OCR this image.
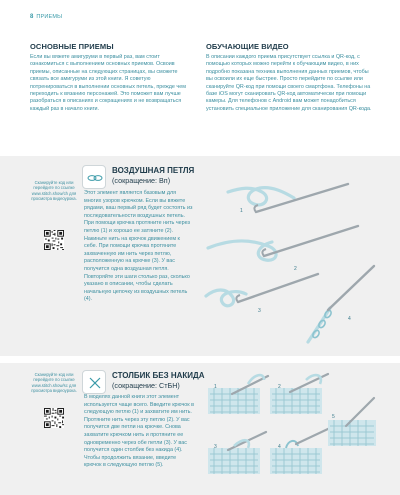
8 ПРИЕМЫ
ОСНОВНЫЕ ПРИЕМЫ

Если вы вяжете амигуруми в первый раз, вам стоит ознакомиться с выполнением основных приемов. Освоив приемы, описанные на следующих страницах, вы сможете связать все амигуруми из этой книги. Я советую потренироваться в выполнении основных петель, прежде чем переходить к вязанию персонажей. Это поможет вам лучше разобраться в описаниях и сокращениях и не возвращаться каждый раз в начало книги.

ОБУЧАЮЩИЕ ВИДЕО

В описании каждого приема присутствует ссылка и QR-код, с помощью которых можно перейти к обучающим видео, в них подробно показана техника выполнения данных приемов, чтобы вы освоили их еще быстрее. Просто перейдите по ссылке или сканируйте QR-код при помощи своего смартфона. Телефоны на базе iOS могут сканировать QR-код автоматически при помощи камеры. Для телефонов с Android вам может понадобиться установить специальное приложение для сканирования QR-кода.

Сканируйте код или перейдите по ссылке www.stitch.show/ch для просмотра видеоурока.
ВОЗДУШНАЯ ПЕТЛЯ
(сокращение: Вп)
Этот элемент является базовым для многих узоров крючком. Если вы вяжете рядами, ваш первый ряд будет состоять из последовательности воздушных петель. При помощи крючка протяните нить через петлю (1) и хорошо ее затяните (2). Накиньте нить на крючок движением к себе. При помощи крючка протяните захваченную им нить через петлю, расположенную на крючке (3). У вас получится одна воздушная петля. Повторяйте эти шаги столько раз, сколько указано в описании, чтобы сделать начальную цепочку из воздушных петель (4).
1
2
3
4
Сканируйте код или перейдите по ссылке www.stitch.show/sc для просмотра видеоурока.
СТОЛБИК БЕЗ НАКИДА
(сокращение: СтБН)
В моделях данной книги этот элемент используется чаще всего. Введите крючок в следующую петлю (1) и захватите им нить. Протяните нить через эту петлю (2). У вас получится две петли на крючке. Снова захватите крючком нить и протяните ее одновременно через обе петли (3). У вас получится один столбик без накида (4). Чтобы продолжить вязание, введите крючок в следующую петлю (5).
1	2
3	4
5
